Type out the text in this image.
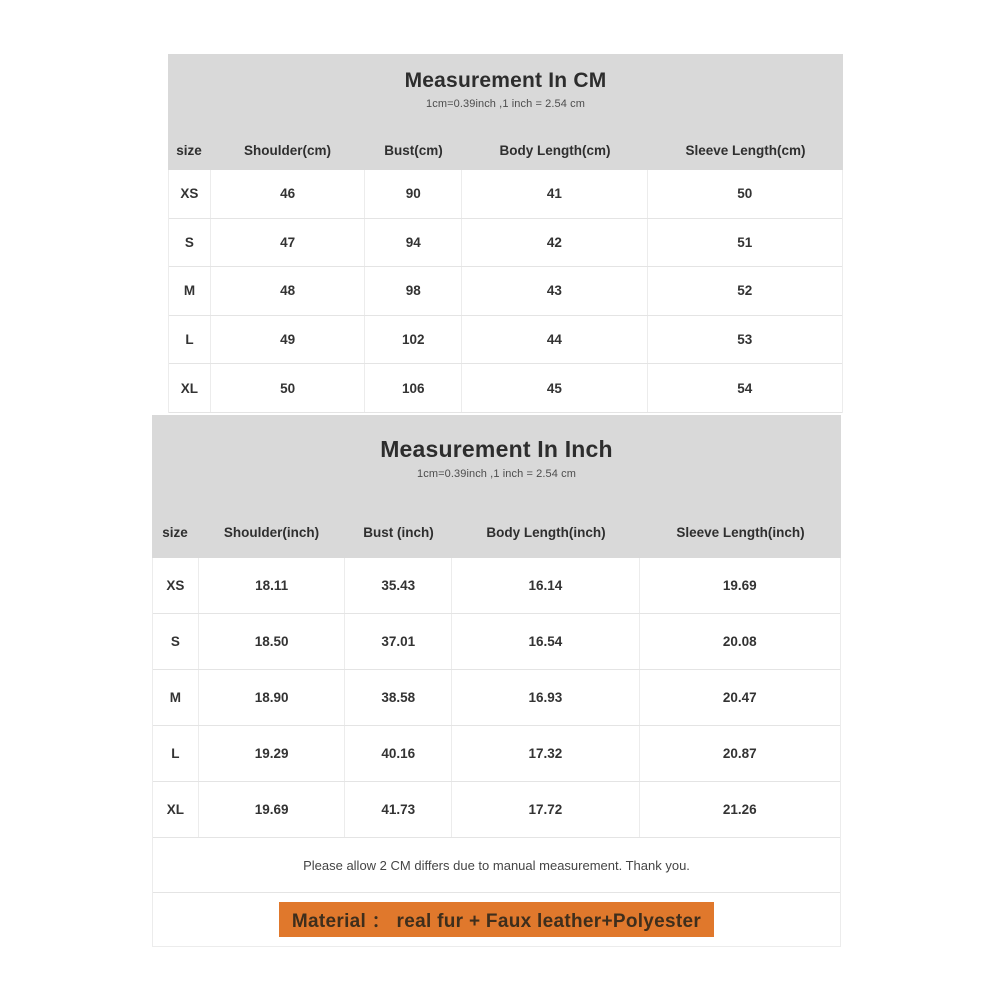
Measurement In CM
1cm=0.39inch ,1 inch = 2.54 cm
size	Shoulder(cm)	Bust(cm)	Body Length(cm)	Sleeve Length(cm)
XS	46	90	41	50
S	47	94	42	51
M	48	98	43	52
L	49	102	44	53
XL	50	106	45	54
Measurement In Inch
1cm=0.39inch ,1 inch = 2.54 cm
size	Shoulder(inch)	Bust (inch)	Body Length(inch)	Sleeve Length(inch)
XS	18.11	35.43	16.14	19.69
S	18.50	37.01	16.54	20.08
M	18.90	38.58	16.93	20.47
L	19.29	40.16	17.32	20.87
XL	19.69	41.73	17.72	21.26
Please allow 2 CM differs due to manual measurement. Thank you.
Material ： real fur + Faux leather+Polyester
